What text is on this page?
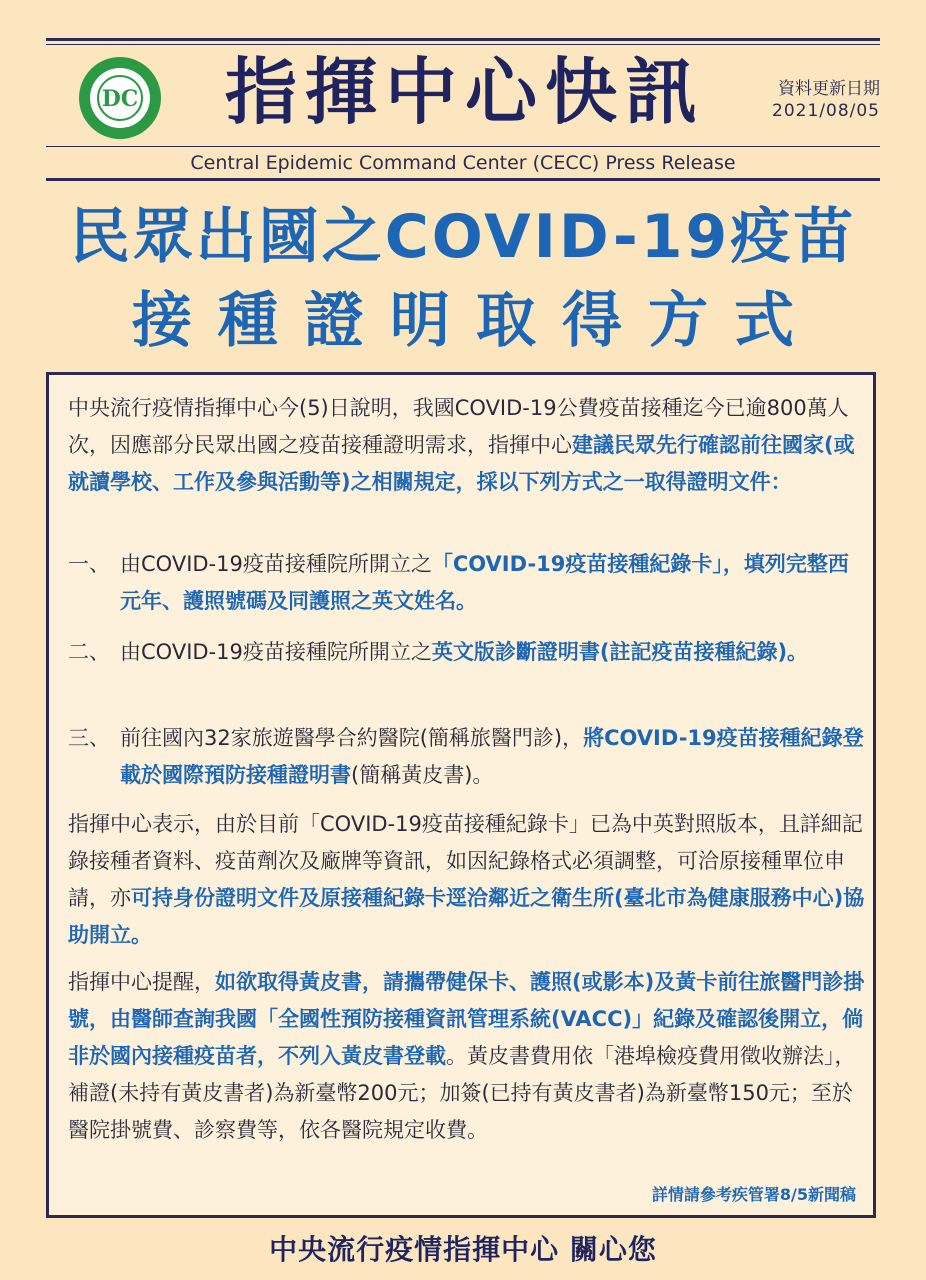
DC	指揮中心快訊	資料更新日期
2021/08/05
Central Epidemic Command Center (CECC) Press Release
民眾出國之COVID-19疫苗
接種證明取得方式
中央流行疫情指揮中心今(5)日說明，我國COVID-19公費疫苗接種迄今已逾800萬人次，因應部分民眾出國之疫苗接種證明需求，指揮中心建議民眾先行確認前往國家(或就讀學校、工作及參與活動等)之相關規定，採以下列方式之一取得證明文件：
一、 由COVID-19疫苗接種院所開立之「COVID-19疫苗接種紀錄卡」，填列完整西元年、護照號碼及同護照之英文姓名。
二、 由COVID-19疫苗接種院所開立之英文版診斷證明書(註記疫苗接種紀錄)。
三、 前往國內32家旅遊醫學合約醫院(簡稱旅醫門診)，將COVID-19疫苗接種紀錄登載於國際預防接種證明書(簡稱黃皮書)。
指揮中心表示，由於目前「COVID-19疫苗接種紀錄卡」已為中英對照版本，且詳細記錄接種者資料、疫苗劑次及廠牌等資訊，如因紀錄格式必須調整，可洽原接種單位申請，亦可持身份證明文件及原接種紀錄卡逕洽鄰近之衛生所(臺北市為健康服務中心)協助開立。
指揮中心提醒，如欲取得黃皮書，請攜帶健保卡、護照(或影本)及黃卡前往旅醫門診掛號，由醫師查詢我國「全國性預防接種資訊管理系統(VACC)」紀錄及確認後開立，倘非於國內接種疫苗者，不列入黃皮書登載。黃皮書費用依「港埠檢疫費用徵收辦法」，補證(未持有黃皮書者)為新臺幣200元；加簽(已持有黃皮書者)為新臺幣150元；至於醫院掛號費、診察費等，依各醫院規定收費。
詳情請參考疾管署8/5新聞稿
中央流行疫情指揮中心 關心您
